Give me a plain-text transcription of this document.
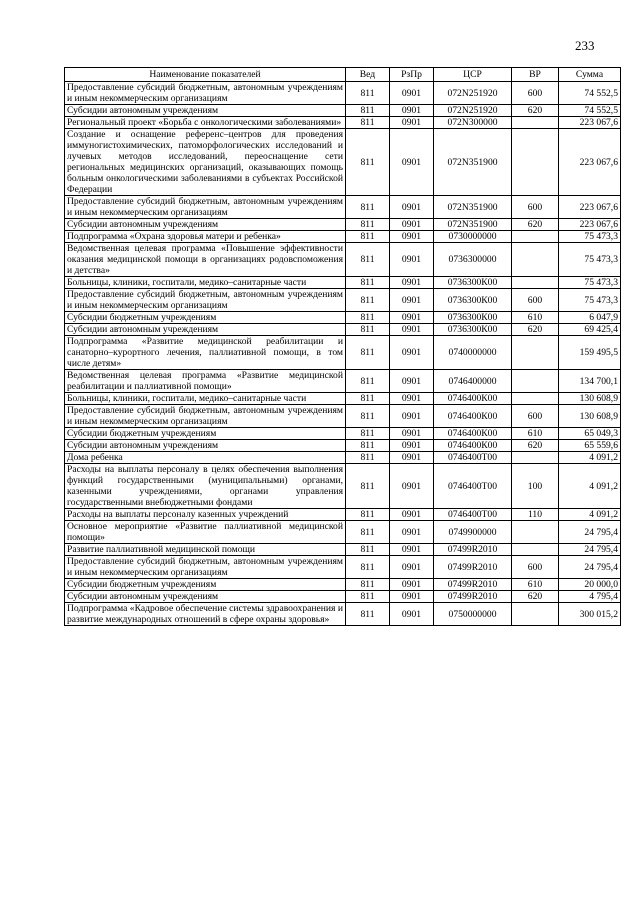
233
Наименование показателей	Вед	РзПр	ЦСР	ВР	Сумма
Предоставление субсидий бюджетным, автономным учреждениям и иным некоммерческим организациям	811	0901	072N251920	600	74 552,5
Субсидии автономным учреждениям	811	0901	072N251920	620	74 552,5
Региональный проект «Борьба с онкологическими заболеваниями»	811	0901	072N300000		223 067,6
Создание и оснащение референс–центров для проведения иммуногистохимических, патоморфологических исследований и лучевых методов исследований, переоснащение сети региональных медицинских организаций, оказывающих помощь больным онкологическими заболеваниями в субъектах Российской Федерации	811	0901	072N351900		223 067,6
Предоставление субсидий бюджетным, автономным учреждениям и иным некоммерческим организациям	811	0901	072N351900	600	223 067,6
Субсидии автономным учреждениям	811	0901	072N351900	620	223 067,6
Подпрограмма «Охрана здоровья матери и ребенка»	811	0901	0730000000		75 473,3
Ведомственная целевая программа «Повышение эффективности оказания медицинской помощи в организациях родовспоможения и детства»	811	0901	0736300000		75 473,3
Больницы, клиники, госпитали, медико–санитарные части	811	0901	0736300К00		75 473,3
Предоставление субсидий бюджетным, автономным учреждениям и иным некоммерческим организациям	811	0901	0736300К00	600	75 473,3
Субсидии бюджетным учреждениям	811	0901	0736300К00	610	6 047,9
Субсидии автономным учреждениям	811	0901	0736300К00	620	69 425,4
Подпрограмма «Развитие медицинской реабилитации и санаторно–курортного лечения, паллиативной помощи, в том числе детям»	811	0901	0740000000		159 495,5
Ведомственная целевая программа «Развитие медицинской реабилитации и паллиативной помощи»	811	0901	0746400000		134 700,1
Больницы, клиники, госпитали, медико–санитарные части	811	0901	0746400К00		130 608,9
Предоставление субсидий бюджетным, автономным учреждениям и иным некоммерческим организациям	811	0901	0746400К00	600	130 608,9
Субсидии бюджетным учреждениям	811	0901	0746400К00	610	65 049,3
Субсидии автономным учреждениям	811	0901	0746400К00	620	65 559,6
Дома ребенка	811	0901	0746400Т00		4 091,2
Расходы на выплаты персоналу в целях обеспечения выполнения функций государственными (муниципальными) органами, казенными учреждениями, органами управления государственными внебюджетными фондами	811	0901	0746400Т00	100	4 091,2
Расходы на выплаты персоналу казенных учреждений	811	0901	0746400Т00	110	4 091,2
Основное мероприятие «Развитие паллиативной медицинской помощи»	811	0901	0749900000		24 795,4
Развитие паллиативной медицинской помощи	811	0901	07499R2010		24 795,4
Предоставление субсидий бюджетным, автономным учреждениям и иным некоммерческим организациям	811	0901	07499R2010	600	24 795,4
Субсидии бюджетным учреждениям	811	0901	07499R2010	610	20 000,0
Субсидии автономным учреждениям	811	0901	07499R2010	620	4 795,4
Подпрограмма «Кадровое обеспечение системы здравоохранения и развитие международных отношений в сфере охраны здоровья»	811	0901	0750000000		300 015,2
